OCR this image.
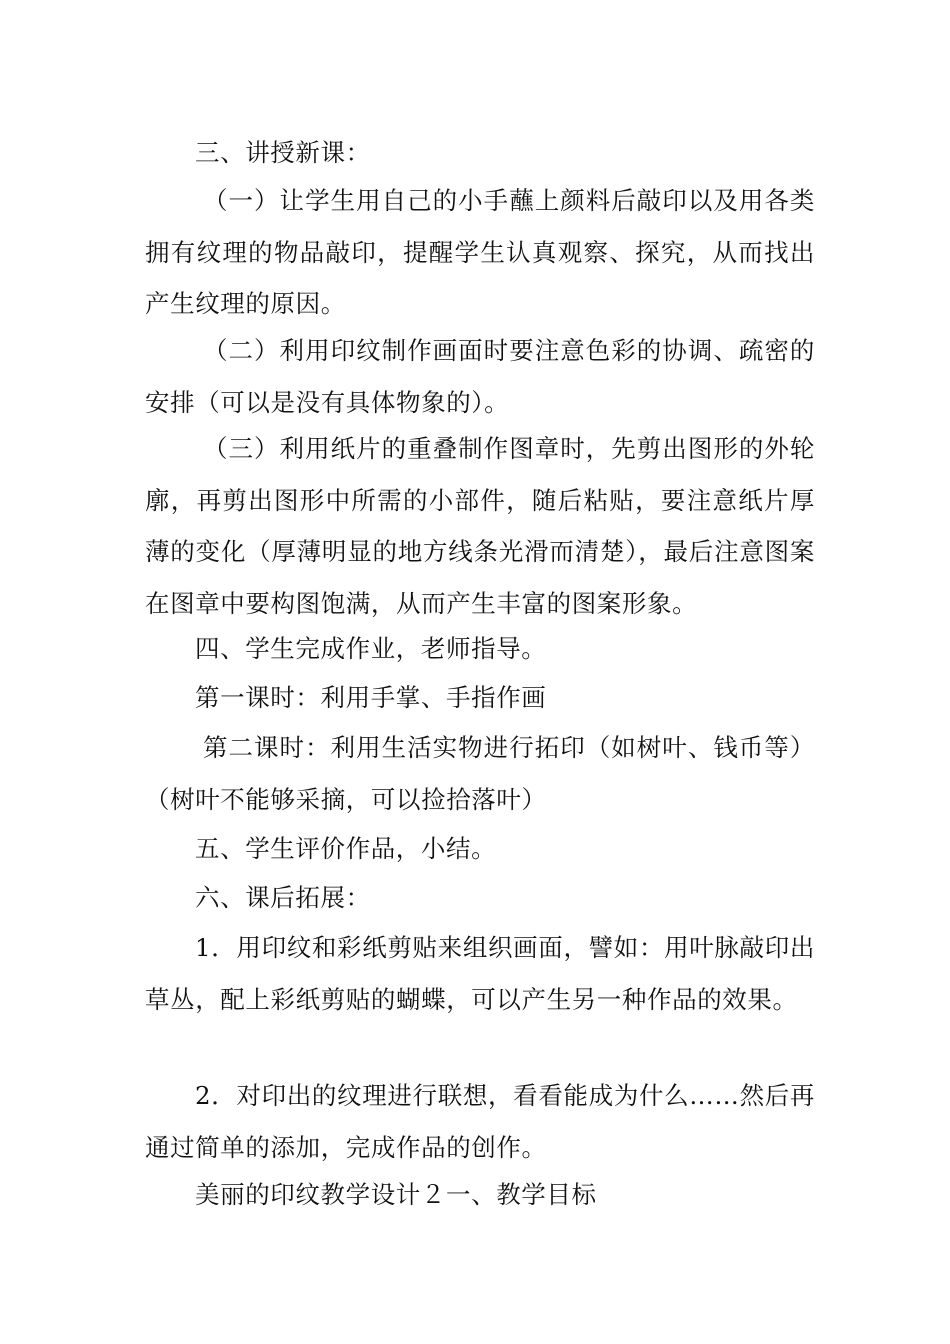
三、讲授新课：

（一）让学生用自己的小手蘸上颜料后敲印以及用各类拥有纹理的物品敲印，提醒学生认真观察、探究，从而找出产生纹理的原因。

（二）利用印纹制作画面时要注意色彩的协调、疏密的安排（可以是没有具体物象的）。

（三）利用纸片的重叠制作图章时，先剪出图形的外轮廓，再剪出图形中所需的小部件，随后粘贴，要注意纸片厚薄的变化（厚薄明显的地方线条光滑而清楚），最后注意图案在图章中要构图饱满，从而产生丰富的图案形象。

四、学生完成作业，老师指导。

第一课时：利用手掌、手指作画

第二课时：利用生活实物进行拓印（如树叶、钱币等）（树叶不能够采摘，可以捡拾落叶）

五、学生评价作品，小结。

六、课后拓展：

1．用印纹和彩纸剪贴来组织画面，譬如：用叶脉敲印出草丛，配上彩纸剪贴的蝴蝶，可以产生另一种作品的效果。

2．对印出的纹理进行联想，看看能成为什么……然后再通过简单的添加，完成作品的创作。

美丽的印纹教学设计２一、教学目标
